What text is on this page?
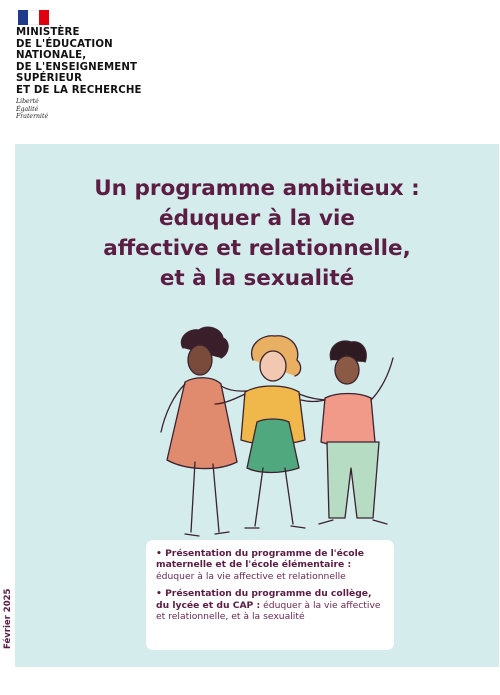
MINISTÈRE
DE L'ÉDUCATION
NATIONALE,
DE L'ENSEIGNEMENT
SUPÉRIEUR
ET DE LA RECHERCHE
Liberté
Égalité
Fraternité
Un programme ambitieux :
éduquer à la vie
affective et relationnelle,
et à la sexualité
• Présentation du programme de l'école maternelle et de l'école élémentaire :
éduquer à la vie affective et relationnelle
• Présentation du programme du collège, du lycée et du CAP : éduquer à la vie affective et relationnelle, et à la sexualité
Février 2025
